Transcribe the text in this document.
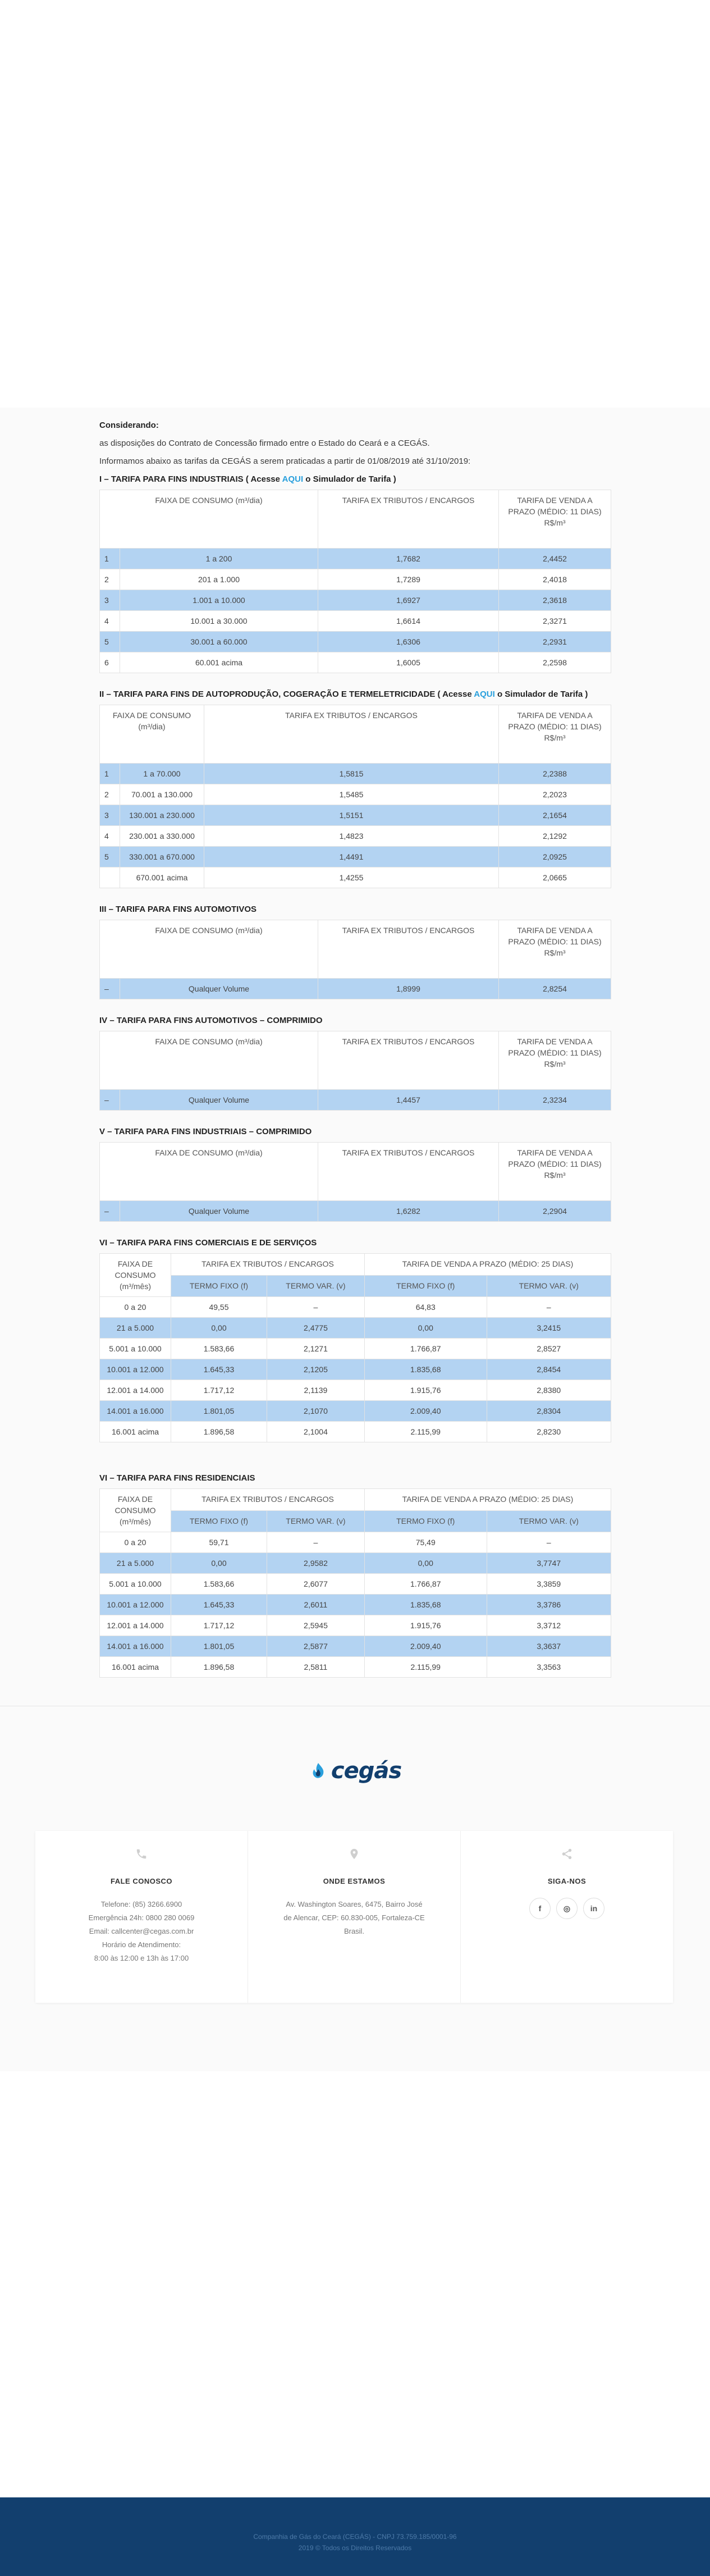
Considerando:

as disposições do Contrato de Concessão firmado entre o Estado do Ceará e a CEGÁS.

Informamos abaixo as tarifas da CEGÁS a serem praticadas a partir de 01/08/2019 até 31/10/2019:

I – TARIFA PARA FINS INDUSTRIAIS ( Acesse AQUI o Simulador de Tarifa )
FAIXA DE CONSUMO (m³/dia)		TARIFA EX TRIBUTOS / ENCARGOS	TARIFA DE VENDA A PRAZO (MÉDIO: 11 DIAS) R$/m³
1	1 a 200	1,7682	2,4452
2	201 a 1.000	1,7289	2,4018
3	1.001 a 10.000	1,6927	2,3618
4	10.001 a 30.000	1,6614	2,3271
5	30.001 a 60.000	1,6306	2,2931
6	60.001 acima	1,6005	2,2598
II – TARIFA PARA FINS DE AUTOPRODUÇÃO, COGERAÇÃO E TERMELETRICIDADE ( Acesse AQUI o Simulador de Tarifa )
FAIXA DE CONSUMO (m³/dia)		TARIFA EX TRIBUTOS / ENCARGOS	TARIFA DE VENDA A PRAZO (MÉDIO: 11 DIAS) R$/m³
1	1 a 70.000	1,5815	2,2388
2	70.001 a 130.000	1,5485	2,2023
3	130.001 a 230.000	1,5151	2,1654
4	230.001 a 330.000	1,4823	2,1292
5	330.001 a 670.000	1,4491	2,0925
	670.001 acima	1,4255	2,0665
III – TARIFA PARA FINS AUTOMOTIVOS
FAIXA DE CONSUMO (m³/dia)		TARIFA EX TRIBUTOS / ENCARGOS	TARIFA DE VENDA A PRAZO (MÉDIO: 11 DIAS) R$/m³
–	Qualquer Volume	1,8999	2,8254
IV – TARIFA PARA FINS AUTOMOTIVOS – COMPRIMIDO
FAIXA DE CONSUMO (m³/dia)		TARIFA EX TRIBUTOS / ENCARGOS	TARIFA DE VENDA A PRAZO (MÉDIO: 11 DIAS) R$/m³
–	Qualquer Volume	1,4457	2,3234
V – TARIFA PARA FINS INDUSTRIAIS – COMPRIMIDO
FAIXA DE CONSUMO (m³/dia)		TARIFA EX TRIBUTOS / ENCARGOS	TARIFA DE VENDA A PRAZO (MÉDIO: 11 DIAS) R$/m³
–	Qualquer Volume	1,6282	2,2904
VI – TARIFA PARA FINS COMERCIAIS E DE SERVIÇOS
FAIXA DE CONSUMO (m³/mês)	TARIFA EX TRIBUTOS / ENCARGOS		TARIFA DE VENDA A PRAZO (MÉDIO: 25 DIAS)	
	TERMO FIXO (f)	TERMO VAR. (v)	TERMO FIXO (f)	TERMO VAR. (v)
0 a 20	49,55	–	64,83	–
21 a 5.000	0,00	2,4775	0,00	3,2415
5.001 a 10.000	1.583,66	2,1271	1.766,87	2,8527
10.001 a 12.000	1.645,33	2,1205	1.835,68	2,8454
12.001 a 14.000	1.717,12	2,1139	1.915,76	2,8380
14.001 a 16.000	1.801,05	2,1070	2.009,40	2,8304
16.001 acima	1.896,58	2,1004	2.115,99	2,8230
VI – TARIFA PARA FINS RESIDENCIAIS
FAIXA DE CONSUMO (m³/mês)	TARIFA EX TRIBUTOS / ENCARGOS		TARIFA DE VENDA A PRAZO (MÉDIO: 25 DIAS)	
	TERMO FIXO (f)	TERMO VAR. (v)	TERMO FIXO (f)	TERMO VAR. (v)
0 a 20	59,71	–	75,49	–
21 a 5.000	0,00	2,9582	0,00	3,7747
5.001 a 10.000	1.583,66	2,6077	1.766,87	3,3859
10.001 a 12.000	1.645,33	2,6011	1.835,68	3,3786
12.001 a 14.000	1.717,12	2,5945	1.915,76	3,3712
14.001 a 16.000	1.801,05	2,5877	2.009,40	3,3637
16.001 acima	1.896,58	2,5811	2.115,99	3,3563
cegás
FALE CONOSCO
Telefone: (85) 3266.6900
Emergência 24h: 0800 280 0069
Email: callcenter@cegas.com.br
Horário de Atendimento:
8:00 às 12:00 e 13h às 17:00
ONDE ESTAMOS
Av. Washington Soares, 6475, Bairro José
de Alencar, CEP: 60.830-005, Fortaleza-CE
Brasil.
SIGA-NOS
f	◎	in
Companhia de Gás do Ceará (CEGÁS) - CNPJ 73.759.185/0001-96
2019 © Todos os Direitos Reservados
